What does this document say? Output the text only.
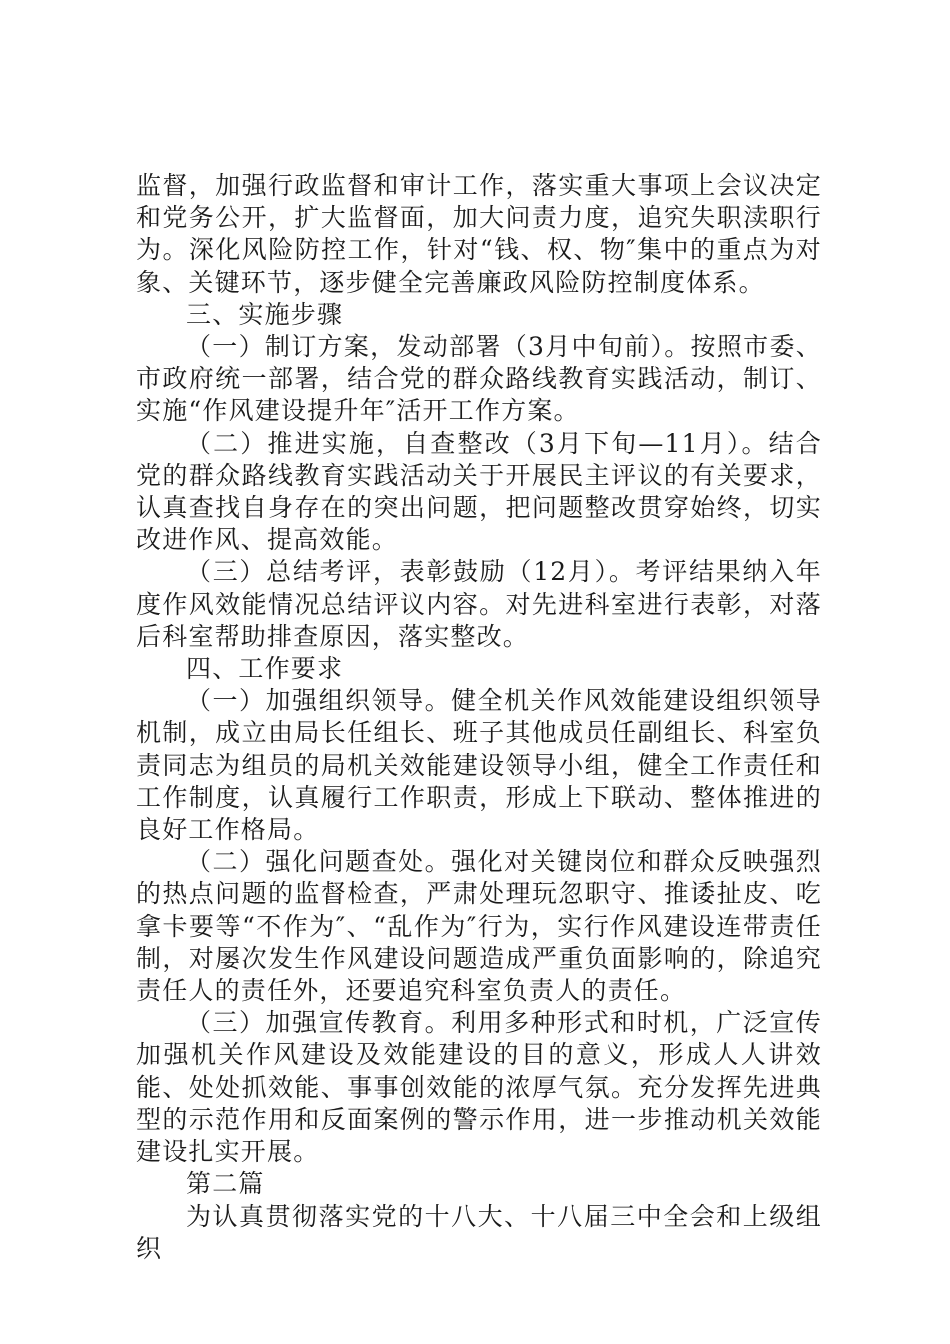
监督，加强行政监督和审计工作，落实重大事项上会议决定和党务公开，扩大监督面，加大问责力度，追究失职渎职行为。深化风险防控工作，针对“钱、权、物″集中的重点为对象、关键环节，逐步健全完善廉政风险防控制度体系。

三、实施步骤

（一）制订方案，发动部署（3月中旬前）。按照市委、市政府统一部署，结合党的群众路线教育实践活动，制订、实施“作风建设提升年″活开工作方案。

（二）推进实施，自查整改（3月下旬—11月）。结合党的群众路线教育实践活动关于开展民主评议的有关要求，认真查找自身存在的突出问题，把问题整改贯穿始终，切实改进作风、提高效能。

（三）总结考评，表彰鼓励（12月）。考评结果纳入年度作风效能情况总结评议内容。对先进科室进行表彰，对落后科室帮助排查原因，落实整改。

四、工作要求

（一）加强组织领导。健全机关作风效能建设组织领导机制，成立由局长任组长、班子其他成员任副组长、科室负责同志为组员的局机关效能建设领导小组，健全工作责任和工作制度，认真履行工作职责，形成上下联动、整体推进的良好工作格局。

（二）强化问题查处。强化对关键岗位和群众反映强烈的热点问题的监督检查，严肃处理玩忽职守、推诿扯皮、吃拿卡要等“不作为″、“乱作为″行为，实行作风建设连带责任制，对屡次发生作风建设问题造成严重负面影响的，除追究责任人的责任外，还要追究科室负责人的责任。

（三）加强宣传教育。利用多种形式和时机，广泛宣传加强机关作风建设及效能建设的目的意义，形成人人讲效能、处处抓效能、事事创效能的浓厚气氛。充分发挥先进典型的示范作用和反面案例的警示作用，进一步推动机关效能建设扎实开展。

第二篇

为认真贯彻落实党的十八大、十八届三中全会和上级组织
